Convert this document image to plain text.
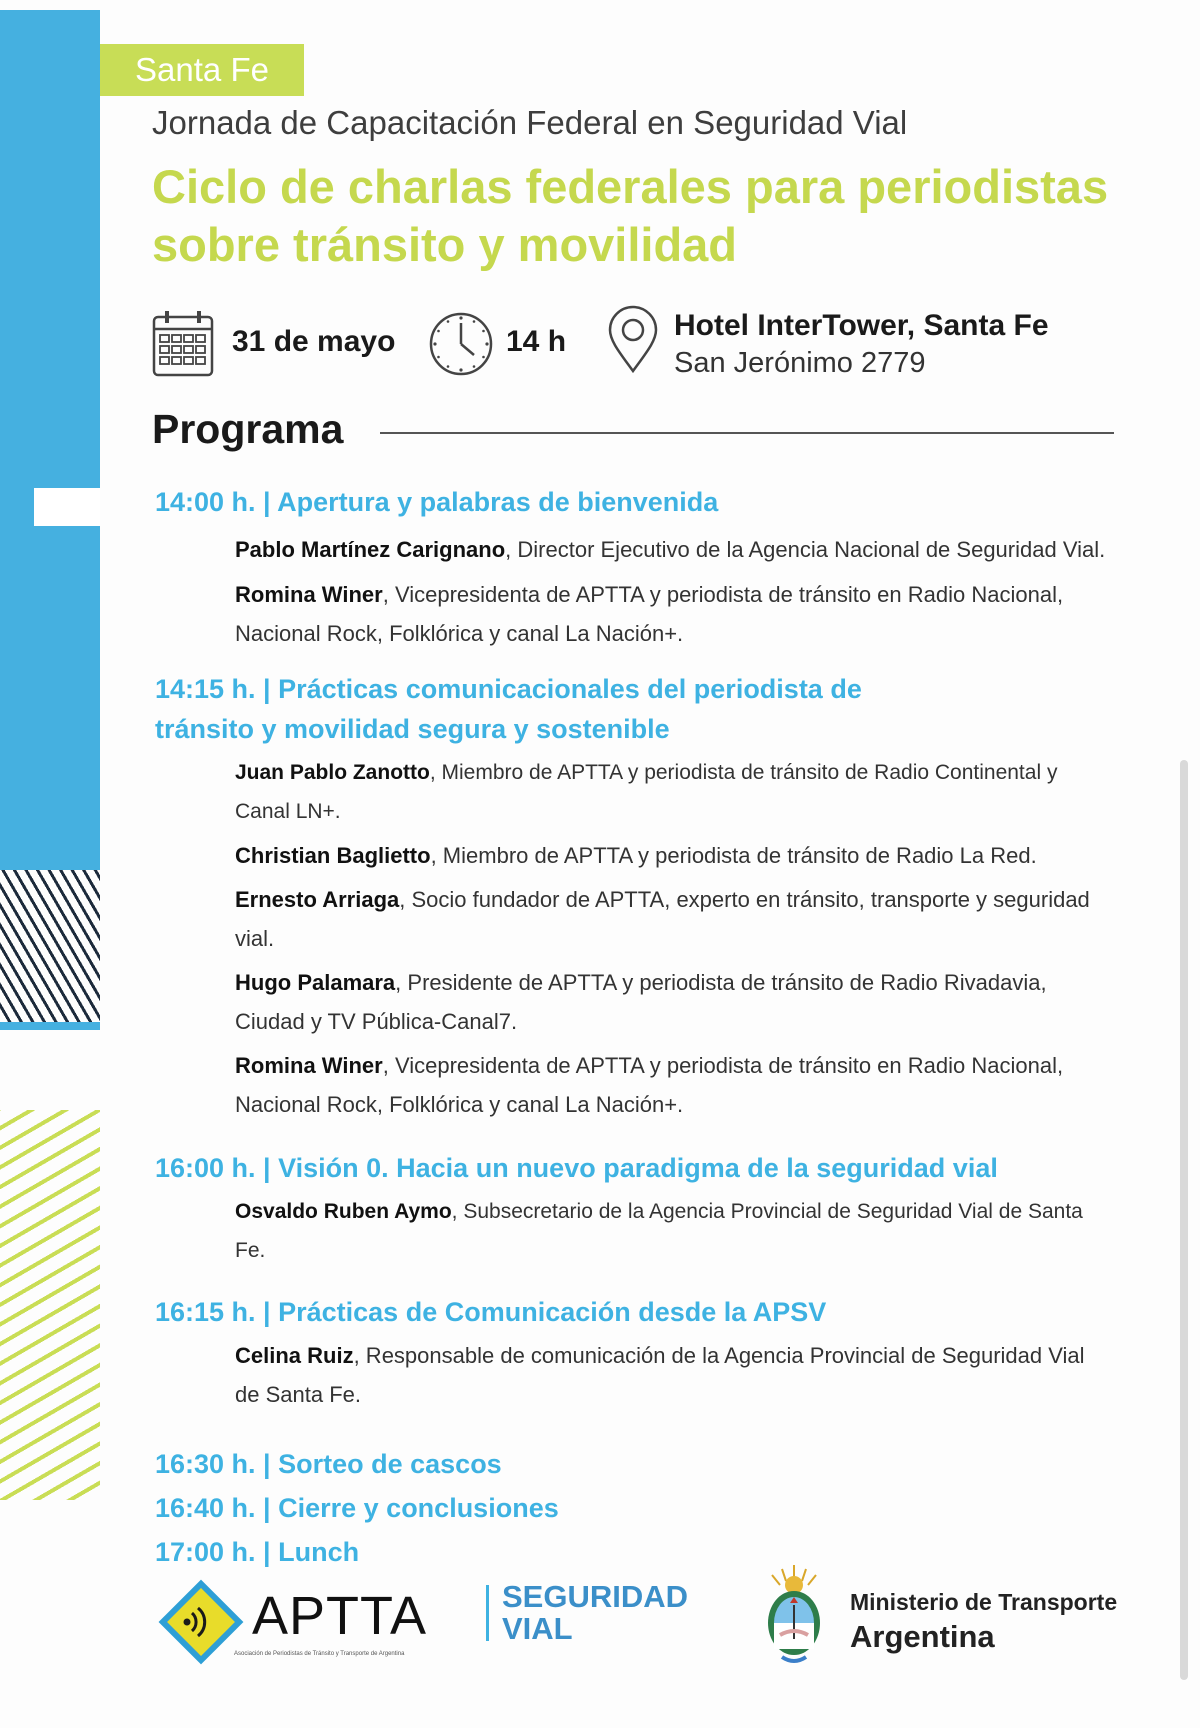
Santa Fe
Jornada de Capacitación Federal en Seguridad Vial
Ciclo de charlas federales para periodistas
sobre tránsito y movilidad
31 de mayo	14 h	Hotel InterTower, Santa Fe
San Jerónimo 2779
Programa
14:00 h. | Apertura y palabras de bienvenida
Pablo Martínez Carignano, Director Ejecutivo de la Agencia Nacional de Seguridad Vial.
Romina Winer, Vicepresidenta de APTTA y periodista de tránsito en Radio Nacional, Nacional Rock, Folklórica y canal La Nación+.
14:15 h. | Prácticas comunicacionales del periodista de tránsito y movilidad segura y sostenible
Juan Pablo Zanotto, Miembro de APTTA y periodista de tránsito de Radio Continental y Canal LN+.
Christian Baglietto, Miembro de APTTA y periodista de tránsito de Radio La Red.
Ernesto Arriaga, Socio fundador de APTTA, experto en tránsito, transporte y seguridad vial.
Hugo Palamara, Presidente de APTTA y periodista de tránsito de Radio Rivadavia, Ciudad y TV Pública-Canal7.
Romina Winer, Vicepresidenta de APTTA y periodista de tránsito en Radio Nacional, Nacional Rock, Folklórica y canal La Nación+.
16:00 h. | Visión 0. Hacia un nuevo paradigma de la seguridad vial
Osvaldo Ruben Aymo, Subsecretario de la Agencia Provincial de Seguridad Vial de Santa Fe.
16:15 h. | Prácticas de Comunicación desde la APSV
Celina Ruiz, Responsable de comunicación de la Agencia Provincial de Seguridad Vial de Santa Fe.
16:30 h. | Sorteo de cascos
16:40 h. | Cierre y conclusiones
17:00 h. | Lunch
APTTA
Asociación de Periodistas de Tránsito y Transporte de Argentina
SEGURIDAD
VIAL
Ministerio de Transporte
Argentina
